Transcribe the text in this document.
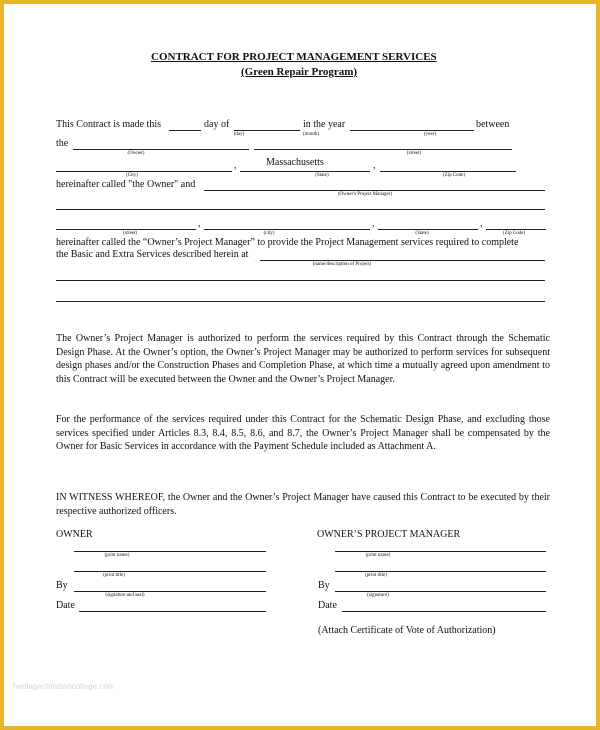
CONTRACT FOR PROJECT MANAGEMENT SERVICES
(Green Repair Program)
This Contract is made this	day of	in the year	between
(day)	(month)	(year)
the
(Owner)	(street)
,	Massachusetts	,
(City)	(State)	(Zip Code)
hereinafter called "the Owner" and
(Owner's Project Manager)
,	,	,
(street)	(city)	(State)	(Zip Code)
hereinafter called the “Owner’s Project Manager” to provide the Project Management services required to complete
the Basic and Extra Services described herein at
(name/description of Project)
The Owner’s Project Manager is authorized to perform the services required by this Contract through the Schematic Design Phase. At the Owner’s option, the Owner’s Project Manager may be authorized to perform services for subsequent design phases and/or the Construction Phases and Completion Phase, at which time a mutually agreed upon amendment to this Contract will be executed between the Owner and the Owner’s Project Manager.
For the performance of the services required under this Contract for the Schematic Design Phase, and excluding those services specified under Articles 8.3, 8.4, 8.5, 8.6, and 8.7, the Owner’s Project Manager shall be compensated by the Owner for Basic Services in accordance with the Payment Schedule included as Attachment A.
IN WITNESS WHEREOF, the Owner and the Owner’s Project Manager have caused this Contract to be executed by their respective authorized officers.
OWNER	OWNER’S PROJECT MANAGER
(print name)
(print title)
By
(signature and seal)
Date
(print name)
(print title)
By
(signature)
Date
(Attach Certificate of Vote of Authorization)
heritagechristiancollege.com
